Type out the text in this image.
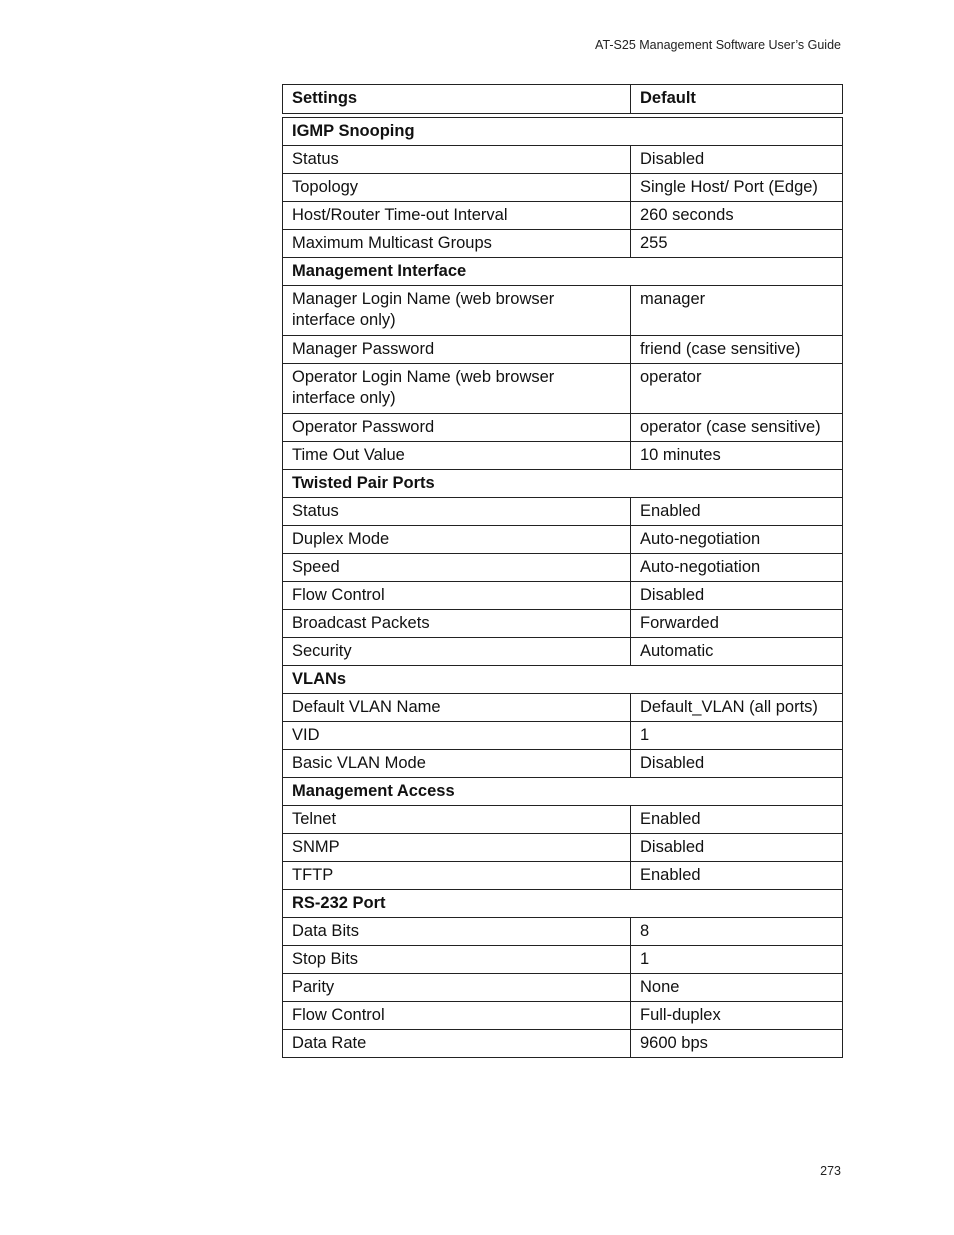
AT-S25 Management Software User’s Guide
Settings	Default
IGMP Snooping	
Status	Disabled
Topology	Single Host/ Port (Edge)
Host/Router Time-out Interval	260 seconds
Maximum Multicast Groups	255
Management Interface	
Manager Login Name (web browser interface only)	manager
Manager Password	friend (case sensitive)
Operator Login Name (web browser interface only)	operator
Operator Password	operator (case sensitive)
Time Out Value	10 minutes
Twisted Pair Ports	
Status	Enabled
Duplex Mode	Auto-negotiation
Speed	Auto-negotiation
Flow Control	Disabled
Broadcast Packets	Forwarded
Security	Automatic
VLANs	
Default VLAN Name	Default_VLAN (all ports)
VID	1
Basic VLAN Mode	Disabled
Management Access	
Telnet	Enabled
SNMP	Disabled
TFTP	Enabled
RS-232 Port	
Data Bits	8
Stop Bits	1
Parity	None
Flow Control	Full-duplex
Data Rate	9600 bps
273
